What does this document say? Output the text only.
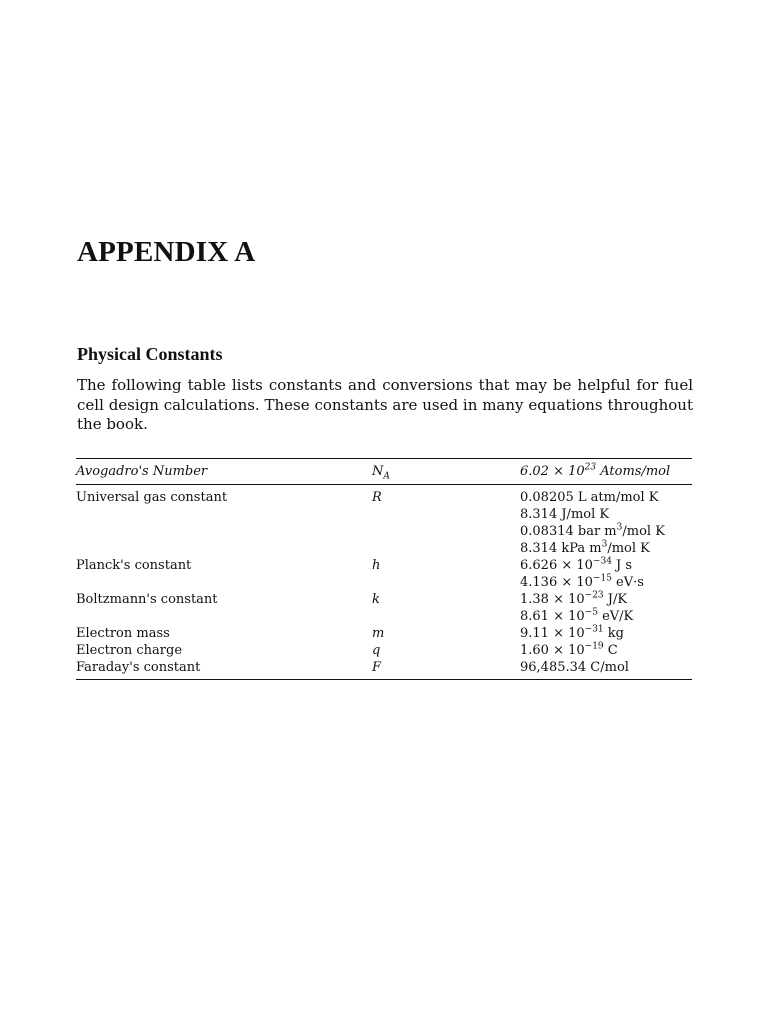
APPENDIX A
Physical Constants

The following table lists constants and conversions that may be helpful for fuel cell design calculations. These constants are used in many equations throughout the book.

Avogadro's Number	$N_A$	$6.02 \times 10^{23}$ Atoms/mol
Universal gas constant	R	0.08205 L atm/mol K
8.314 J/mol K
0.08314 bar $m^3$/mol K
8.314 kPa $m^3$/mol K
Planck's constant	h	$6.626 \times 10^{-34}$ J s
$4.136 \times 10^{-15}$ eV·s
Boltzmann's constant	k	$1.38 \times 10^{-23}$ J/K
$8.61 \times 10^{-5}$ eV/K
Electron mass	m	$9.11 \times 10^{-31}$ kg
Electron charge	q	$1.60 \times 10^{-19}$ C
Faraday's constant	F	96,485.34 C/mol
